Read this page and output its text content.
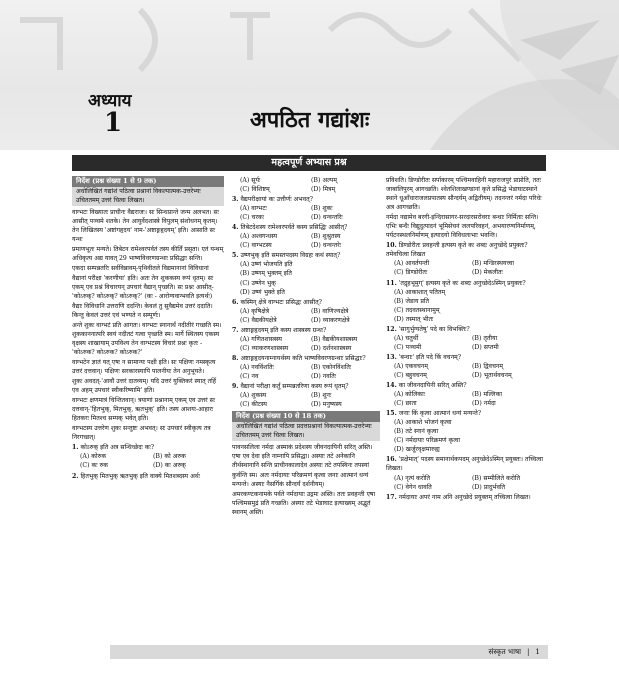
अध्याय
1	अपठित गद्यांशः
महत्वपूर्ण अभ्यास प्रश्न
निर्देश (प्रश्न संख्या 1 से 9 तक)
अधोलिखितं गद्यांशं पठित्वा प्रश्नानां विकल्पात्मक-उत्तरेभ्यः उचिततमम् उत्तरं चित्वा लिखत।
वाग्भटः विख्यातः प्राचीनः वैद्यराजः। सः सिन्धप्रान्ते जन्म अलभत। सः आसीत् पञ्चमे शतके। तेन आयुर्वेदशास्त्रे विपुलम् संशोधनम् कृतम्। तेन लिखितस्य 'अष्टांगहृदय' नाम-'अष्टाङ्गहृदयम्' इति। आसाति सः यन्थः
प्रमाणभूतः मन्यते। तिबेटन रामेश्वरपर्वतं तस्य कीर्तिं प्रसृता। एतं यन्थम् अधिकृत्य अद्य यावत् 29 भाष्यविवरणग्रन्थाः प्रसिद्धाः सन्ति।
एकदा सम्पन्नतरिः सर्वविन्नावम्-पृथिवीतले विद्यमानानां विविधानां वैद्यानां परीक्षा 'करणीया' इति। अतः तेन शुककस्य रूपं धृतम्। सः एकम् एव प्रश्नं विचारयन् उपचारं वैद्यान् पृच्छति। सः प्रश्नः आसीत्-'कोऽरुक्? कोऽरुक्? कोऽरुक्?' (कः - आरोग्यवान्भवति इत्यर्थः)
वैद्याः विविधानि उत्तराणि ददन्ति। केवलं तु सुवैद्यमेव उत्तरं ददाति। किन्तु केवलं उत्तरं एवं भण्यते न सम्पूर्णः।
अन्ते शुकः वाग्भटं प्रति आगतः। वाग्भटः स्नानार्थं नदीतीरं गच्छति स्म। शुककाननात्परि स्वयं नदीतटं गत्वा पृच्छति स्म। मार्गे स्थितस्य एकस्य वृक्षस्य शाखायाम् उपविश्य तेन वाग्भटस्य विचारं प्रश्नः कृतः - 'कोऽरुक? कोऽरुक? कोऽरुक?'
वाग्भटेन ज्ञातं यत् एषः न सामान्यः पक्षी इति। सः पक्षिणः नमस्कृत्य उत्तरं दत्तवान्। पक्षिणः सरकारस्यापि पालनीयः तेन अनुभूयते।
शुकः अवदत्-'आवौ उत्तरं दातव्यम्। यदि उत्तरं युक्तिकरं स्यात् तर्हि एव अहम् उपचारं स्वीकरिष्यामि' इति।
वाग्भटः क्षणमात्रं चिन्तितवान्। त्रयाणां प्रश्नानाम् एकम् एव उत्तरं सः दत्तवान्-'हितभुक्, मितभुक्, ऋतभुक्' इति। तस्य आशयः-आहारः हितकरः मितश्च सम्यक् भवेत् इति।
वाग्भटस्य उत्तरेण शुकः सन्तुष्टः अभवत्। सः उपचारं स्वीकृत्य तत्र निरगच्छत्।
1. कोऽरुक् इति अत्र सन्धिच्छेदः कः?
(A) कोरुक	(B) को अरुक
(C) कः रुक	(D) कः अरुक्
2. हितभुक् मितभुक् ऋतभुक् इति वाक्ये मितशब्दस्य अर्थः
(A) सूर्यः	(B) अल्पम्
(C) विशिष्टम्	(D) मित्रम्
3. वैद्यपरीक्षायां कः उत्तीर्णः अभवत्?
(A) वाग्भटः	(B) शुकः
(C) चरकः	(D) धन्वन्तरिः
4. तिबेटदेशस्य रामेश्वरपर्वते कस्य प्रसिद्धिः आसीत्?
(A) अश्वगन्धस्य	(B) शुश्रुतस्य
(C) वाग्भटस्य	(D) धन्वन्तरेः
5. उष्णभुक् इति समस्तपदस्य विग्रहः कथं स्यात्?
(A) उष्णं भोजयति इति
(B) उष्णम् भुक्तम् इति
(C) उष्णेन भुक्
(D) उष्णं भुक्ते इति
6. कस्मिन् क्षेत्रे वाग्भटः प्रसिद्धः आसीत्?
(A) कृषिक्षेत्रे	(B) वाणिज्यक्षेत्रे
(C) वैद्यकीयक्षेत्रे	(D) व्याकरणक्षेत्रे
7. अष्टाङ्गहृदयम् इति कस्य शास्त्रस्य ग्रन्थः?
(A) गणितशास्त्रस्य	(B) वैद्यकीयशास्त्रस्य
(C) व्याकरणशास्त्रस्य	(D) दर्शनशास्त्रस्य
8. अष्टाङ्गहृदयनाम्नायर्थस्य कति भाष्यविवरणग्रन्थाः प्रसिद्धाः?
(A) नवविंशतिः	(B) एकोनविंशतिः
(C) नव	(D) नवतिः
9. वैद्यानां परीक्षा कर्तुं सम्पन्नतरिणा कस्य रूपं धृतम्?
(A) शुकस्य	(B) शुनः
(C) कीटस्य	(D) मनुष्यस्य
निर्देश (प्रश्न संख्या 10 से 18 तक)
अधोलिखितं गद्यांशं पठित्वा प्रदत्तप्रश्नानां विकल्पात्मक-उत्तरेभ्यः उचिततमम् उत्तरं चित्वा लिखत।
पावनसलिला नर्मदा अस्माकं प्रदेशस्य जीवनदायिनी सरित् अस्ति। एषा एव देवा इति नाम्नापि प्रसिद्धा। अस्याः तटे अनेकानि तीर्थस्थानानि सन्ति प्राचीनकालादेव अस्याः तटे तपस्विनः तपस्यां कुर्वन्ति स्म। अतः नर्मदायाः परिक्रमणं कृत्वा जनाः आत्मानं धन्यं मन्यन्ते। अस्याः नैसर्गिकं सौन्दर्यं दर्शनीयम्।
अमरकण्टकनामके पर्वते नर्मदायाः उद्गमः अस्ति। ततः प्रवहन्ती एषा पश्चिमसमुद्रं प्रति गच्छति। अस्याः तटे भेडाघाट इत्याख्यम् अद्भुतं स्थानम् अस्ति।
प्रविशति। डिण्डोरीतः सर्पाकारम् पश्चिमवाहिनी महाराजपुरं प्राप्नोति, ततः जाबालिपुरम् आगच्छति। श्वेतशिलाखण्डानां कृते प्रसिद्धे भेडाघाटस्थाने स्थाने धूआँधाराजलप्रपातस्य सौन्दर्यम् अद्वितीयम्। तदनन्तरं नर्मदा परिधेः अत्र आगच्छति।
नर्मदा नद्यामेव बरगी-इन्दिरासागर-सरदारसरोवराः बन्धाः निर्मिताः सन्ति। एभिः बन्धैः विद्युदुत्पादनं भूमिसेचनं जलपरिवहनं, अभयारण्यनिर्माणम्, पर्यटनस्थलनिर्माणम् इत्यादयो विविधलाभाः भवन्ति।
10. डिण्डोरीतः प्रवहन्ती इत्यस्य कृते कः शब्दः अनुच्छेदे प्रयुक्तः? तमेवचित्वा लिखत
(A) आवर्तयन्ती	(B) मन्डिरस्थयत्त्वा
(C) डिण्डोरीतः	(D) मेकलीतः
11. 'तद्गृहभूमुग्' इत्यस्य कृते कः शब्दः अनुच्छेदेऽस्मिन् प्रयुक्तः?
(A) आकाशात् पतितम्
(B) जेडाय प्रति
(C) तदवतस्थानामुम्
(D) तस्मात् भीतः
12. 'सागुर्भुग्यतेषु' पदे का विभक्तिः?
(A) चतुर्थी	(B) तृतीया
(C) पञ्चमी	(D) सप्तमी
13. 'बन्धाः' इति पदे किं वचनम्?
(A) एकवचनम्	(B) द्विवचनम्
(C) बहुवचनम्	(D) भूतार्थवचनम्
14. का जीवनदायिनी सरित् अस्ति?
(A) कोलिकाः	(B) मल्लिका
(C) छाता	(D) नर्मदा
15. जनाः किं कृत्वा आत्मानं धन्यं मन्यन्ते?
(A) आकाशे भोजनं कृत्वा
(B) तटे स्नानं कृत्वा
(C) नर्मदायाः परिक्रमणं कृत्वा
(D) खर्जूरवृक्षमारुह्य
16. 'प्रक्षेमात्' पदस्य समानार्थकपदम् अनुच्छेदेऽस्मिन् प्रयुक्तः। तच्चित्वा लिखत।
(A) नृत्यं करोति	(B) सम्मीलिते करोति
(C) वेगेन धावति	(D) प्रादुर्भवति
17. नर्मदायाः अपरं नाम अनि अनुच्छेदे प्रयुक्तम् तच्चित्वा लिखत।
संस्कृत भाषा | 1
